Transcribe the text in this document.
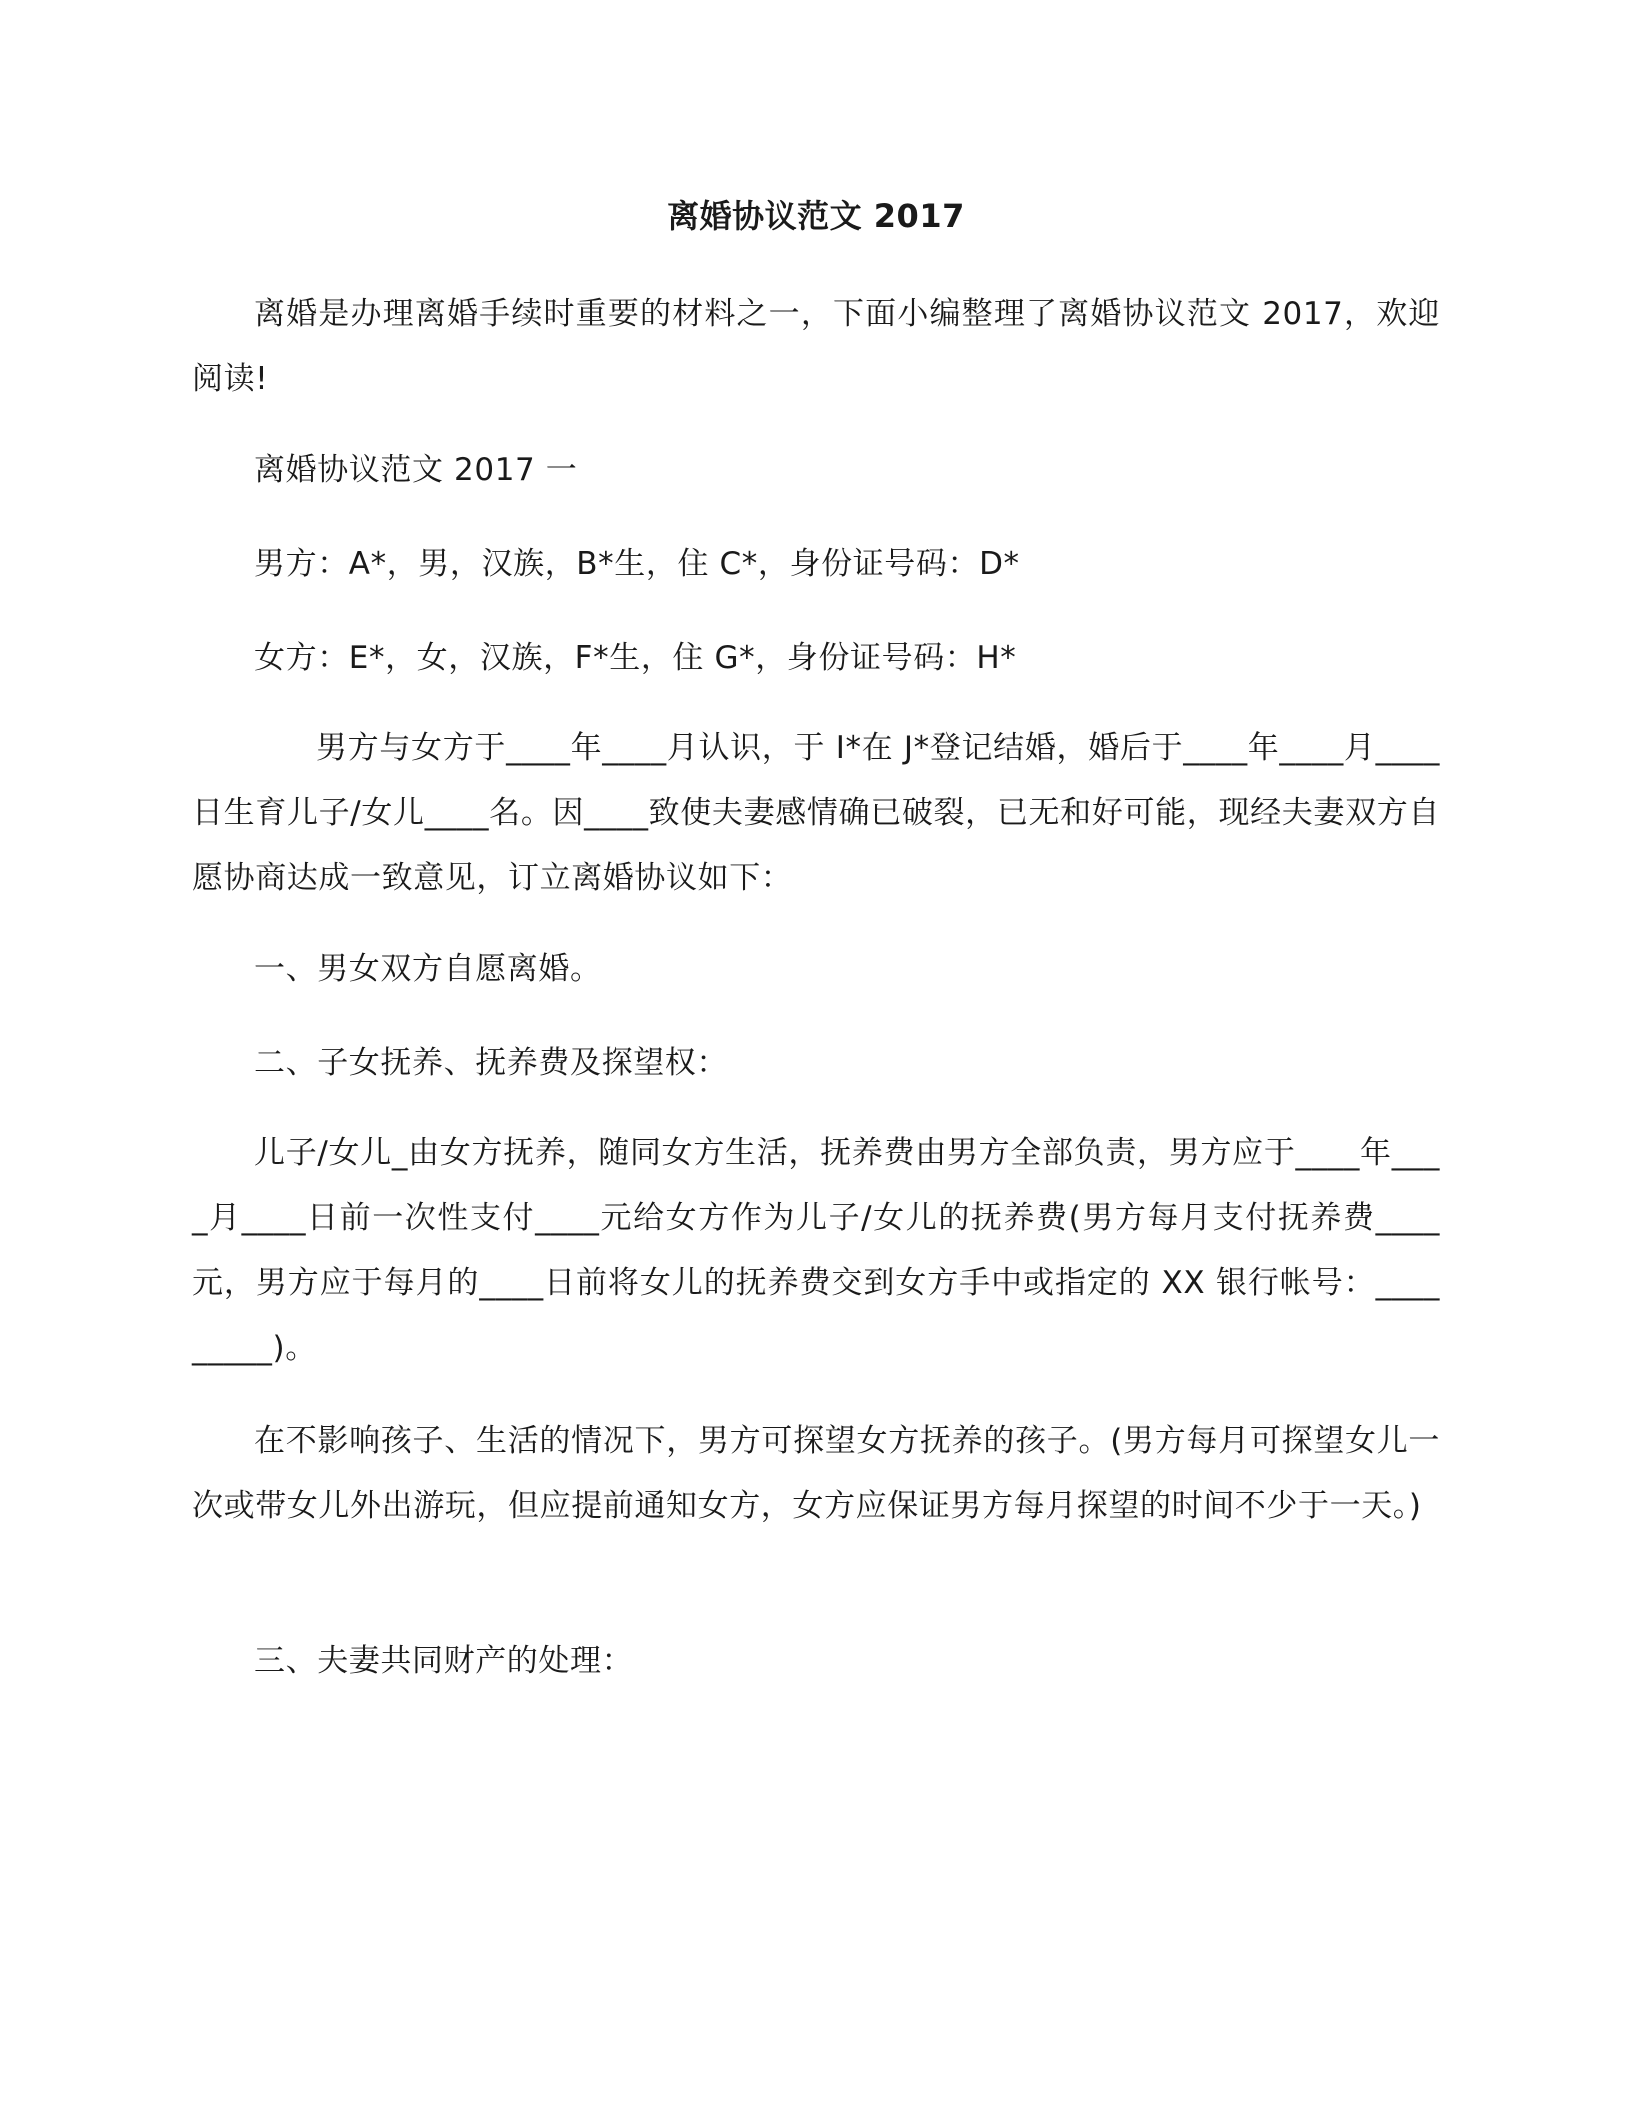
离婚协议范文 2017

离婚是办理离婚手续时重要的材料之一，下面小编整理了离婚协议范文 2017，欢迎阅读!

离婚协议范文 2017 一

男方：A*，男，汉族，B*生，住 C*，身份证号码：D*

女方：E*，女，汉族，F*生，住 G*，身份证号码：H*

男方与女方于____年____月认识，于 I*在 J*登记结婚，婚后于____年____月____日生育儿子/女儿____名。因____致使夫妻感情确已破裂，已无和好可能，现经夫妻双方自愿协商达成一致意见，订立离婚协议如下：

一、男女双方自愿离婚。

二、子女抚养、抚养费及探望权：

儿子/女儿_由女方抚养，随同女方生活，抚养费由男方全部负责，男方应于____年____月____日前一次性支付____元给女方作为儿子/女儿的抚养费(男方每月支付抚养费____元，男方应于每月的____日前将女儿的抚养费交到女方手中或指定的 XX 银行帐号：_________)。

在不影响孩子、生活的情况下，男方可探望女方抚养的孩子。(男方每月可探望女儿一次或带女儿外出游玩，但应提前通知女方，女方应保证男方每月探望的时间不少于一天。)

三、夫妻共同财产的处理：
